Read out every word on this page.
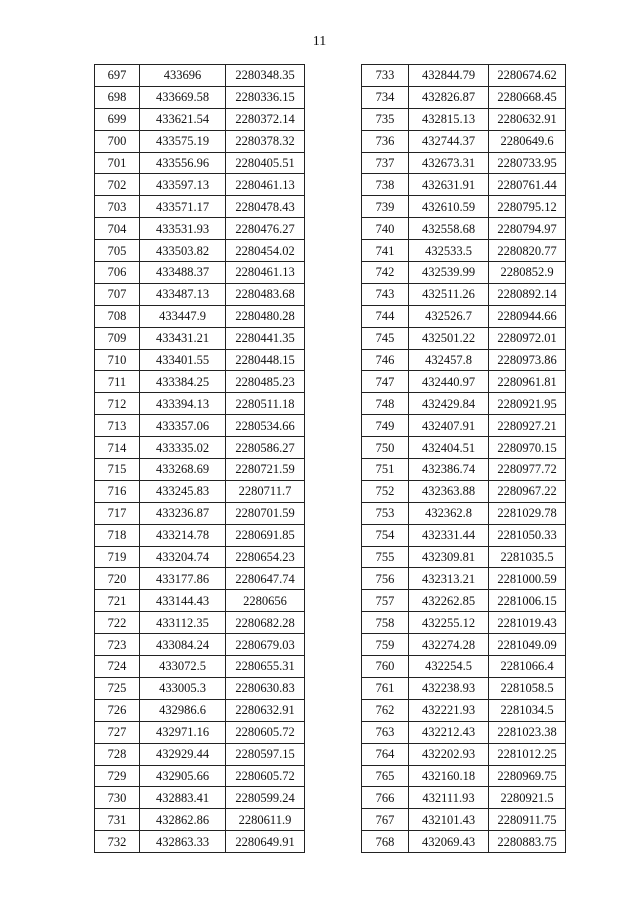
11
697	433696	2280348.35
698	433669.58	2280336.15
699	433621.54	2280372.14
700	433575.19	2280378.32
701	433556.96	2280405.51
702	433597.13	2280461.13
703	433571.17	2280478.43
704	433531.93	2280476.27
705	433503.82	2280454.02
706	433488.37	2280461.13
707	433487.13	2280483.68
708	433447.9	2280480.28
709	433431.21	2280441.35
710	433401.55	2280448.15
711	433384.25	2280485.23
712	433394.13	2280511.18
713	433357.06	2280534.66
714	433335.02	2280586.27
715	433268.69	2280721.59
716	433245.83	2280711.7
717	433236.87	2280701.59
718	433214.78	2280691.85
719	433204.74	2280654.23
720	433177.86	2280647.74
721	433144.43	2280656
722	433112.35	2280682.28
723	433084.24	2280679.03
724	433072.5	2280655.31
725	433005.3	2280630.83
726	432986.6	2280632.91
727	432971.16	2280605.72
728	432929.44	2280597.15
729	432905.66	2280605.72
730	432883.41	2280599.24
731	432862.86	2280611.9
732	432863.33	2280649.91
733	432844.79	2280674.62
734	432826.87	2280668.45
735	432815.13	2280632.91
736	432744.37	2280649.6
737	432673.31	2280733.95
738	432631.91	2280761.44
739	432610.59	2280795.12
740	432558.68	2280794.97
741	432533.5	2280820.77
742	432539.99	2280852.9
743	432511.26	2280892.14
744	432526.7	2280944.66
745	432501.22	2280972.01
746	432457.8	2280973.86
747	432440.97	2280961.81
748	432429.84	2280921.95
749	432407.91	2280927.21
750	432404.51	2280970.15
751	432386.74	2280977.72
752	432363.88	2280967.22
753	432362.8	2281029.78
754	432331.44	2281050.33
755	432309.81	2281035.5
756	432313.21	2281000.59
757	432262.85	2281006.15
758	432255.12	2281019.43
759	432274.28	2281049.09
760	432254.5	2281066.4
761	432238.93	2281058.5
762	432221.93	2281034.5
763	432212.43	2281023.38
764	432202.93	2281012.25
765	432160.18	2280969.75
766	432111.93	2280921.5
767	432101.43	2280911.75
768	432069.43	2280883.75
